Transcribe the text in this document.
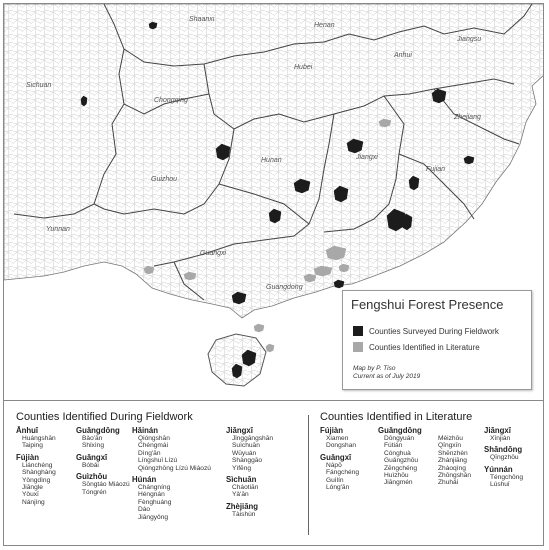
Shaanxi
Henan
Anhui
Jiangsu
Sichuan
Hubei
Chongqing
Zhejiang
Hunan	Jiangxi
Guizhou
Fujian
Yunnan
Guangxi
Guangdong
Fengshui Forest Presence
Counties Surveyed During Fieldwork
Counties Identified in Literature
Map by P. Tiso
Current as of July 2019
Counties Identified During Fieldwork
Ānhuī
Huángshān
Taiping
Fújiàn
Liánchéng
Shànghàng
Yǒngdìng
Jiāngle
Yǒuxī
Nánjìng
Guǎngdōng
Bǎo'ān
Shǐxìng
Guǎngxī
Bóbái
Guìzhōu
Sōngtáo Miáozú
Tóngrén
Hǎinán
Qióngshān
Chéngmài
Dìng'ān
Língshuǐ Lízú
Qióngzhōng Lízú Miáozú
Húnán
Chángníng
Héngnán
Fènghuáng
Dáo
Jiāngyǒng
Jiāngxī
Jǐnggāngshān
Suìchuān
Wūyuán
Shànggāo
Yìfēng
Sìchuān
Cháotiān
Yǎ'ān
Zhèjiāng
Tàishùn
Counties Identified in Literature
Fújiàn
Xiamen
Dongshan
Guǎngxī
Nápō
Fángchéng
Guìlín
Lóng'ān
Guǎngdōng
Dōngyuán
Fútián
Cónghuà
Guǎngzhōu
Zēngchéng
Huìzhōu
Jiāngmén

Méizhōu
Qīngxīn
Shēnzhèn
Zhànjiāng
Zhàoqìng
Zhōngshān
Zhuhǎi
Jiāngxī
Xīnjiàn
Shāndōng
Qīngzhōu
Yúnnán
Téngchōng
Lúshuǐ
